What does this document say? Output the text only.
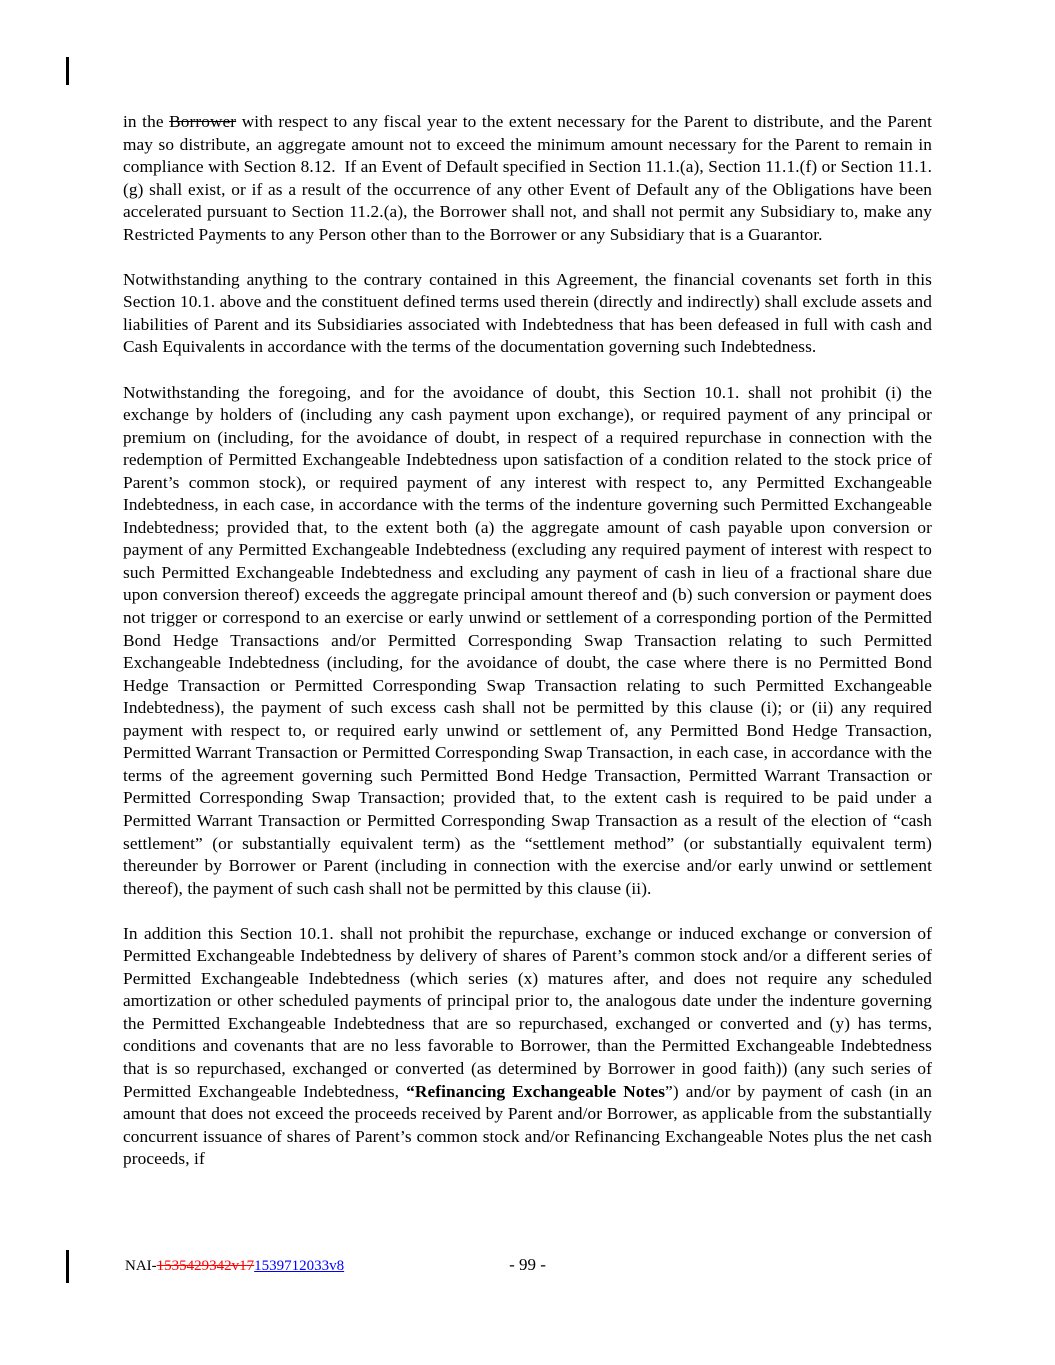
in the Borrower with respect to any fiscal year to the extent necessary for the Parent to distribute, and the Parent may so distribute, an aggregate amount not to exceed the minimum amount necessary for the Parent to remain in compliance with Section 8.12.  If an Event of Default specified in Section 11.1.(a), Section 11.1.(f) or Section 11.1.(g) shall exist, or if as a result of the occurrence of any other Event of Default any of the Obligations have been accelerated pursuant to Section 11.2.(a), the Borrower shall not, and shall not permit any Subsidiary to, make any Restricted Payments to any Person other than to the Borrower or any Subsidiary that is a Guarantor.

Notwithstanding anything to the contrary contained in this Agreement, the financial covenants set forth in this Section 10.1. above and the constituent defined terms used therein (directly and indirectly) shall exclude assets and liabilities of Parent and its Subsidiaries associated with Indebtedness that has been defeased in full with cash and Cash Equivalents in accordance with the terms of the documentation governing such Indebtedness.

Notwithstanding the foregoing, and for the avoidance of doubt, this Section 10.1. shall not prohibit (i) the exchange by holders of (including any cash payment upon exchange), or required payment of any principal or premium on (including, for the avoidance of doubt, in respect of a required repurchase in connection with the redemption of Permitted Exchangeable Indebtedness upon satisfaction of a condition related to the stock price of Parent’s common stock), or required payment of any interest with respect to, any Permitted Exchangeable Indebtedness, in each case, in accordance with the terms of the indenture governing such Permitted Exchangeable Indebtedness; provided that, to the extent both (a) the aggregate amount of cash payable upon conversion or payment of any Permitted Exchangeable Indebtedness (excluding any required payment of interest with respect to such Permitted Exchangeable Indebtedness and excluding any payment of cash in lieu of a fractional share due upon conversion thereof) exceeds the aggregate principal amount thereof and (b) such conversion or payment does not trigger or correspond to an exercise or early unwind or settlement of a corresponding portion of the Permitted Bond Hedge Transactions and/or Permitted Corresponding Swap Transaction relating to such Permitted Exchangeable Indebtedness (including, for the avoidance of doubt, the case where there is no Permitted Bond Hedge Transaction or Permitted Corresponding Swap Transaction relating to such Permitted Exchangeable Indebtedness), the payment of such excess cash shall not be permitted by this clause (i); or (ii) any required payment with respect to, or required early unwind or settlement of, any Permitted Bond Hedge Transaction, Permitted Warrant Transaction or Permitted Corresponding Swap Transaction, in each case, in accordance with the terms of the agreement governing such Permitted Bond Hedge Transaction, Permitted Warrant Transaction or Permitted Corresponding Swap Transaction; provided that, to the extent cash is required to be paid under a Permitted Warrant Transaction or Permitted Corresponding Swap Transaction as a result of the election of “cash settlement” (or substantially equivalent term) as the “settlement method” (or substantially equivalent term) thereunder by Borrower or Parent (including in connection with the exercise and/or early unwind or settlement thereof), the payment of such cash shall not be permitted by this clause (ii).

In addition this Section 10.1. shall not prohibit the repurchase, exchange or induced exchange or conversion of Permitted Exchangeable Indebtedness by delivery of shares of Parent’s common stock and/or a different series of Permitted Exchangeable Indebtedness (which series (x) matures after, and does not require any scheduled amortization or other scheduled payments of principal prior to, the analogous date under the indenture governing the Permitted Exchangeable Indebtedness that are so repurchased, exchanged or converted and (y) has terms, conditions and covenants that are no less favorable to Borrower, than the Permitted Exchangeable Indebtedness that is so repurchased, exchanged or converted (as determined by Borrower in good faith)) (any such series of Permitted Exchangeable Indebtedness, “Refinancing Exchangeable Notes”) and/or by payment of cash (in an amount that does not exceed the proceeds received by Parent and/or Borrower, as applicable from the substantially concurrent issuance of shares of Parent’s common stock and/or Refinancing Exchangeable Notes plus the net cash proceeds, if

NAI-1535429342v171539712033v8	- 99 -
